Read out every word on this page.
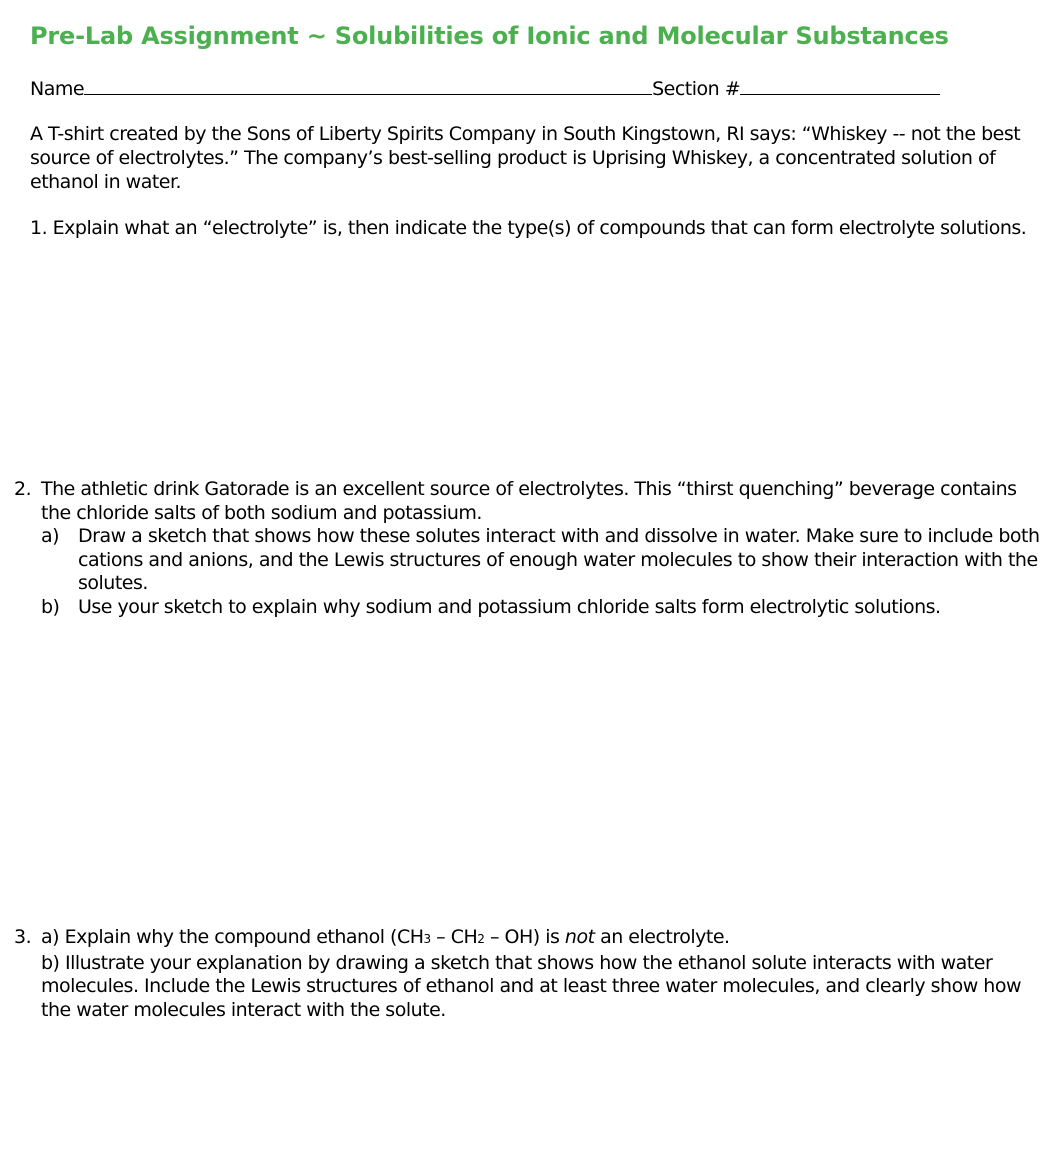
Pre-Lab Assignment ~ Solubilities of Ionic and Molecular Substances
Name	Section #
A T-shirt created by the Sons of Liberty Spirits Company in South Kingstown, RI says: “Whiskey -- not the best source of electrolytes.” The company’s best-selling product is Uprising Whiskey, a concentrated solution of ethanol in water.
1. Explain what an “electrolyte” is, then indicate the type(s) of compounds that can form electrolyte solutions.
2. The athletic drink Gatorade is an excellent source of electrolytes. This “thirst quenching” beverage contains the chloride salts of both sodium and potassium.
a) Draw a sketch that shows how these solutes interact with and dissolve in water. Make sure to include both cations and anions, and the Lewis structures of enough water molecules to show their interaction with the solutes.
b) Use your sketch to explain why sodium and potassium chloride salts form electrolytic solutions.
3. a) Explain why the compound ethanol (CH3 – CH2 – OH) is not an electrolyte.
b) Illustrate your explanation by drawing a sketch that shows how the ethanol solute interacts with water molecules. Include the Lewis structures of ethanol and at least three water molecules, and clearly show how the water molecules interact with the solute.
